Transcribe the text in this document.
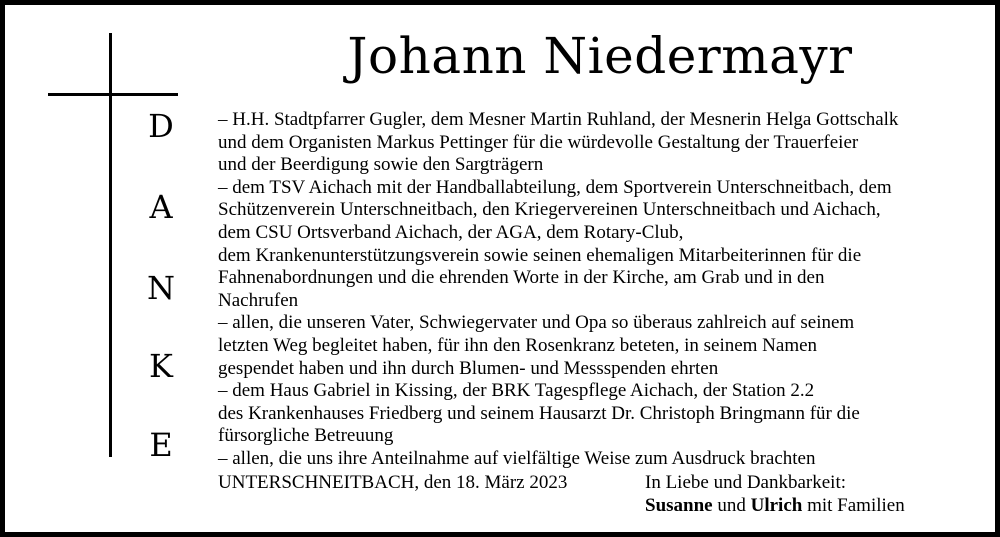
D
A
N
K
E
Johann Niedermayr
– H.H. Stadtpfarrer Gugler, dem Mesner Martin Ruhland, der Mesnerin Helga Gottschalk
und dem Organisten Markus Pettinger für die würdevolle Gestaltung der Trauerfeier
und der Beerdigung sowie den Sargträgern
– dem TSV Aichach mit der Handballabteilung, dem Sportverein Unterschneitbach, dem
Schützenverein Unterschneitbach, den Kriegervereinen Unterschneitbach und Aichach,
dem CSU Ortsverband Aichach, der AGA, dem Rotary-Club,
dem Krankenunterstützungsverein sowie seinen ehemaligen Mitarbeiterinnen für die
Fahnenabordnungen und die ehrenden Worte in der Kirche, am Grab und in den
Nachrufen
– allen, die unseren Vater, Schwiegervater und Opa so überaus zahlreich auf seinem
letzten Weg begleitet haben, für ihn den Rosenkranz beteten, in seinem Namen
gespendet haben und ihn durch Blumen- und Messspenden ehrten
– dem Haus Gabriel in Kissing, der BRK Tagespflege Aichach, der Station 2.2
des Krankenhauses Friedberg und seinem Hausarzt Dr. Christoph Bringmann für die
fürsorgliche Betreuung
– allen, die uns ihre Anteilnahme auf vielfältige Weise zum Ausdruck brachten
UNTERSCHNEITBACH, den 18. März 2023	In Liebe und Dankbarkeit:
Susanne und Ulrich mit Familien
